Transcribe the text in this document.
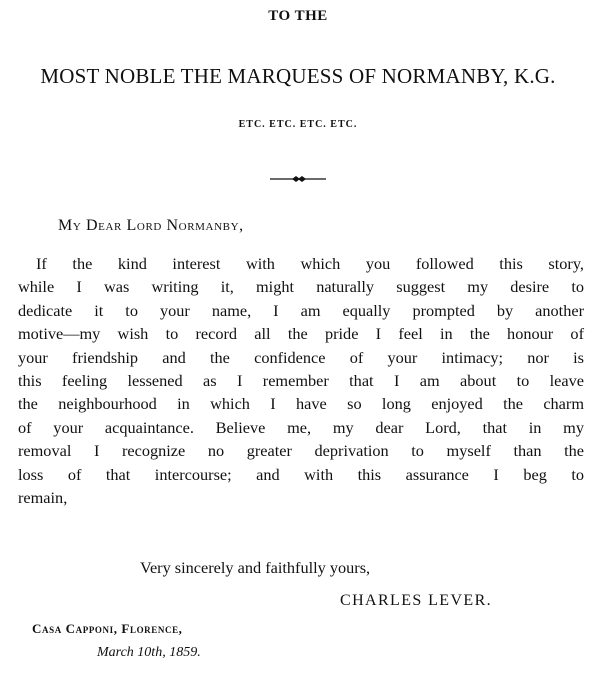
TO THE
MOST NOBLE THE MARQUESS OF NORMANBY, K.G.
ETC. ETC. ETC. ETC.
My Dear Lord Normanby,
If the kind interest with which you followed this story,
while I was writing it, might naturally suggest my desire to
dedicate it to your name, I am equally prompted by another
motive—my wish to record all the pride I feel in the honour of
your friendship and the confidence of your intimacy; nor is
this feeling lessened as I remember that I am about to leave
the neighbourhood in which I have so long enjoyed the charm
of your acquaintance. Believe me, my dear Lord, that in my
removal I recognize no greater deprivation to myself than the
loss of that intercourse; and with this assurance I beg to
remain,
Very sincerely and faithfully yours,
CHARLES LEVER.
Casa Capponi, Florence,
March 10th, 1859.
